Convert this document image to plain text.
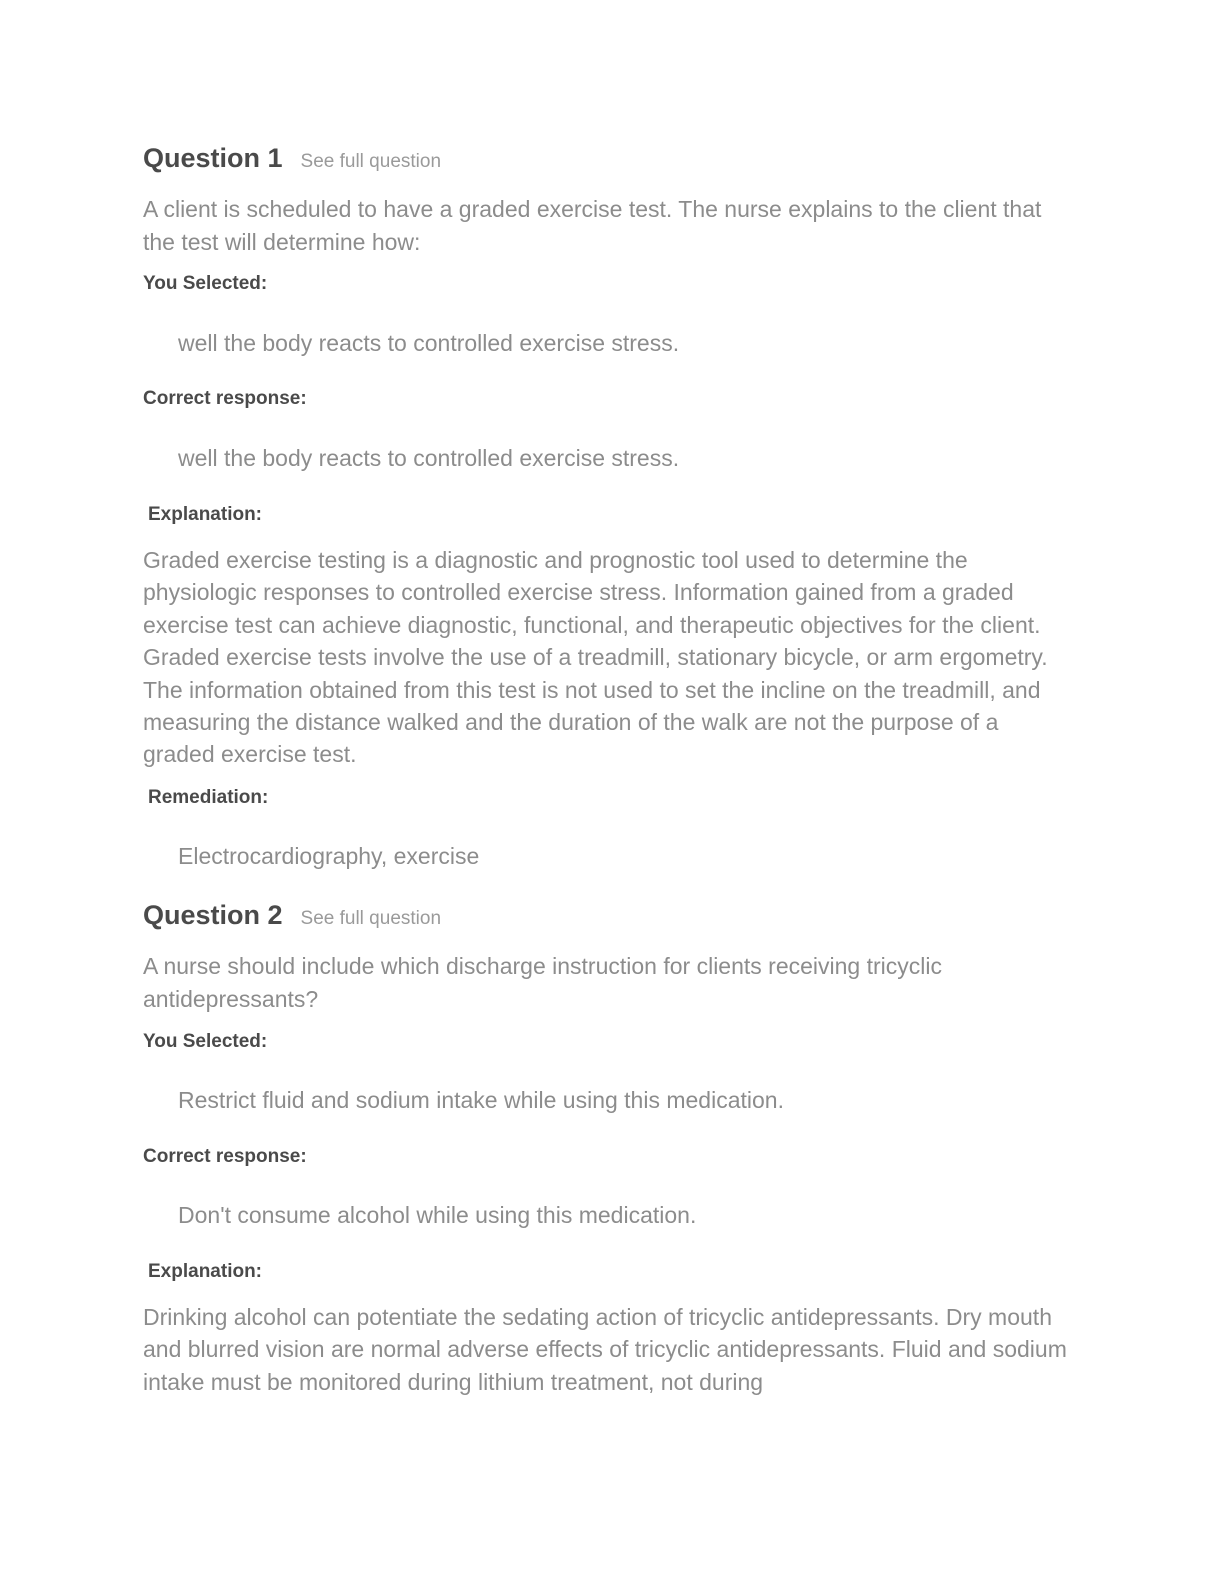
Question 1 See full question
A client is scheduled to have a graded exercise test. The nurse explains to the client that the test will determine how:
You Selected:
well the body reacts to controlled exercise stress.
Correct response:
well the body reacts to controlled exercise stress.
Explanation:
Graded exercise testing is a diagnostic and prognostic tool used to determine the physiologic responses to controlled exercise stress. Information gained from a graded exercise test can achieve diagnostic, functional, and therapeutic objectives for the client. Graded exercise tests involve the use of a treadmill, stationary bicycle, or arm ergometry. The information obtained from this test is not used to set the incline on the treadmill, and measuring the distance walked and the duration of the walk are not the purpose of a graded exercise test.
Remediation:
Electrocardiography, exercise
Question 2 See full question
A nurse should include which discharge instruction for clients receiving tricyclic antidepressants?
You Selected:
Restrict fluid and sodium intake while using this medication.
Correct response:
Don't consume alcohol while using this medication.
Explanation:
Drinking alcohol can potentiate the sedating action of tricyclic antidepressants. Dry mouth and blurred vision are normal adverse effects of tricyclic antidepressants. Fluid and sodium intake must be monitored during lithium treatment, not during
